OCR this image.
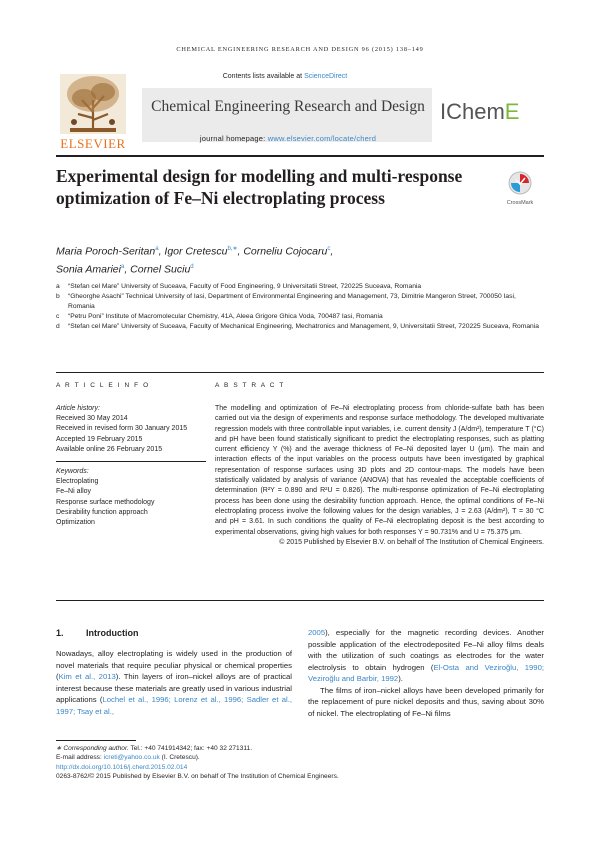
CHEMICAL ENGINEERING RESEARCH AND DESIGN 96 (2015) 138–149
ELSEVIER
Contents lists available at ScienceDirect
Chemical Engineering Research and Design
journal homepage: www.elsevier.com/locate/cherd
IChemE
Experimental design for modelling and multi-response optimization of Fe–Ni electroplating process	CrossMark
Maria Poroch-Seritan$^a$, Igor Cretescu$^{b,∗}$, Corneliu Cojocaru$^c$,
Sonia Amariei$^a$, Cornel Suciu$^d$
a “Stefan cel Mare” University of Suceava, Faculty of Food Engineering, 9 Universitatii Street, 720225 Suceava, Romania
b “Gheorghe Asachi” Technical University of Iasi, Department of Environmental Engineering and Management, 73, Dimitrie Mangeron Street, 700050 Iasi, Romania
c “Petru Poni” Institute of Macromolecular Chemistry, 41A, Aleea Grigore Ghica Voda, 700487 Iasi, Romania
d “Stefan cel Mare” University of Suceava, Faculty of Mechanical Engineering, Mechatronics and Management, 9, Universitatii Street, 720225 Suceava, Romania
A R T I C L E I N F O
Article history:
Received 30 May 2014
Received in revised form 30 January 2015
Accepted 19 February 2015
Available online 26 February 2015
Keywords:
Electroplating
Fe–Ni alloy
Response surface methodology
Desirability function approach
Optimization
A B S T R A C T

The modelling and optimization of Fe–Ni electroplating process from chloride-sulfate bath has been carried out via the design of experiments and response surface methodology. The developed multivariate regression models with three controllable input variables, i.e. current density J (A/dm²), temperature T (°C) and pH have been found statistically significant to predict the electroplating responses, such as platting current efficiency Y (%) and the average thickness of Fe–Ni deposited layer U (μm). The main and interaction effects of the input variables on the process outputs have been investigated by graphical representation of response surfaces using 3D plots and 2D contour-maps. The models have been statistically validated by analysis of variance (ANOVA) that has revealed the acceptable coefficients of determination (R²Y = 0.890 and R²U = 0.826). The multi-response optimization of Fe–Ni electroplating process has been done using the desirability function approach. Hence, the optimal conditions of Fe–Ni electroplating process involve the following values for the design variables, J = 2.63 (A/dm²), T = 30 °C and pH = 3.61. In such conditions the quality of Fe–Ni electroplating deposit is the best according to experimental observations, giving high values for both responses Y = 90.731% and U = 75.375 μm.

© 2015 Published by Elsevier B.V. on behalf of The Institution of Chemical Engineers.

1. Introduction

Nowadays, alloy electroplating is widely used in the production of novel materials that require peculiar physical or chemical properties (Kim et al., 2013). Thin layers of iron–nickel alloys are of practical interest because these materials are greatly used in various industrial applications (Lochel et al., 1996; Lorenz et al., 1996; Sadler et al., 1997; Tsay et al.,

2005), especially for the magnetic recording devices. Another possible application of the electrodeposited Fe–Ni alloy films deals with the utilization of such coatings as electrodes for the water electrolysis to obtain hydrogen (El-Osta and Veziroğlu, 1990; Veziroğlu and Barbir, 1992).

The films of iron–nickel alloys have been developed primarily for the replacement of pure nickel deposits and thus, saving about 30% of nickel. The electroplating of Fe–Ni films

∗ Corresponding author. Tel.: +40 741914342; fax: +40 32 271311.
E-mail address: icreti@yahoo.co.uk (I. Cretescu).
http://dx.doi.org/10.1016/j.cherd.2015.02.014
0263-8762/© 2015 Published by Elsevier B.V. on behalf of The Institution of Chemical Engineers.
